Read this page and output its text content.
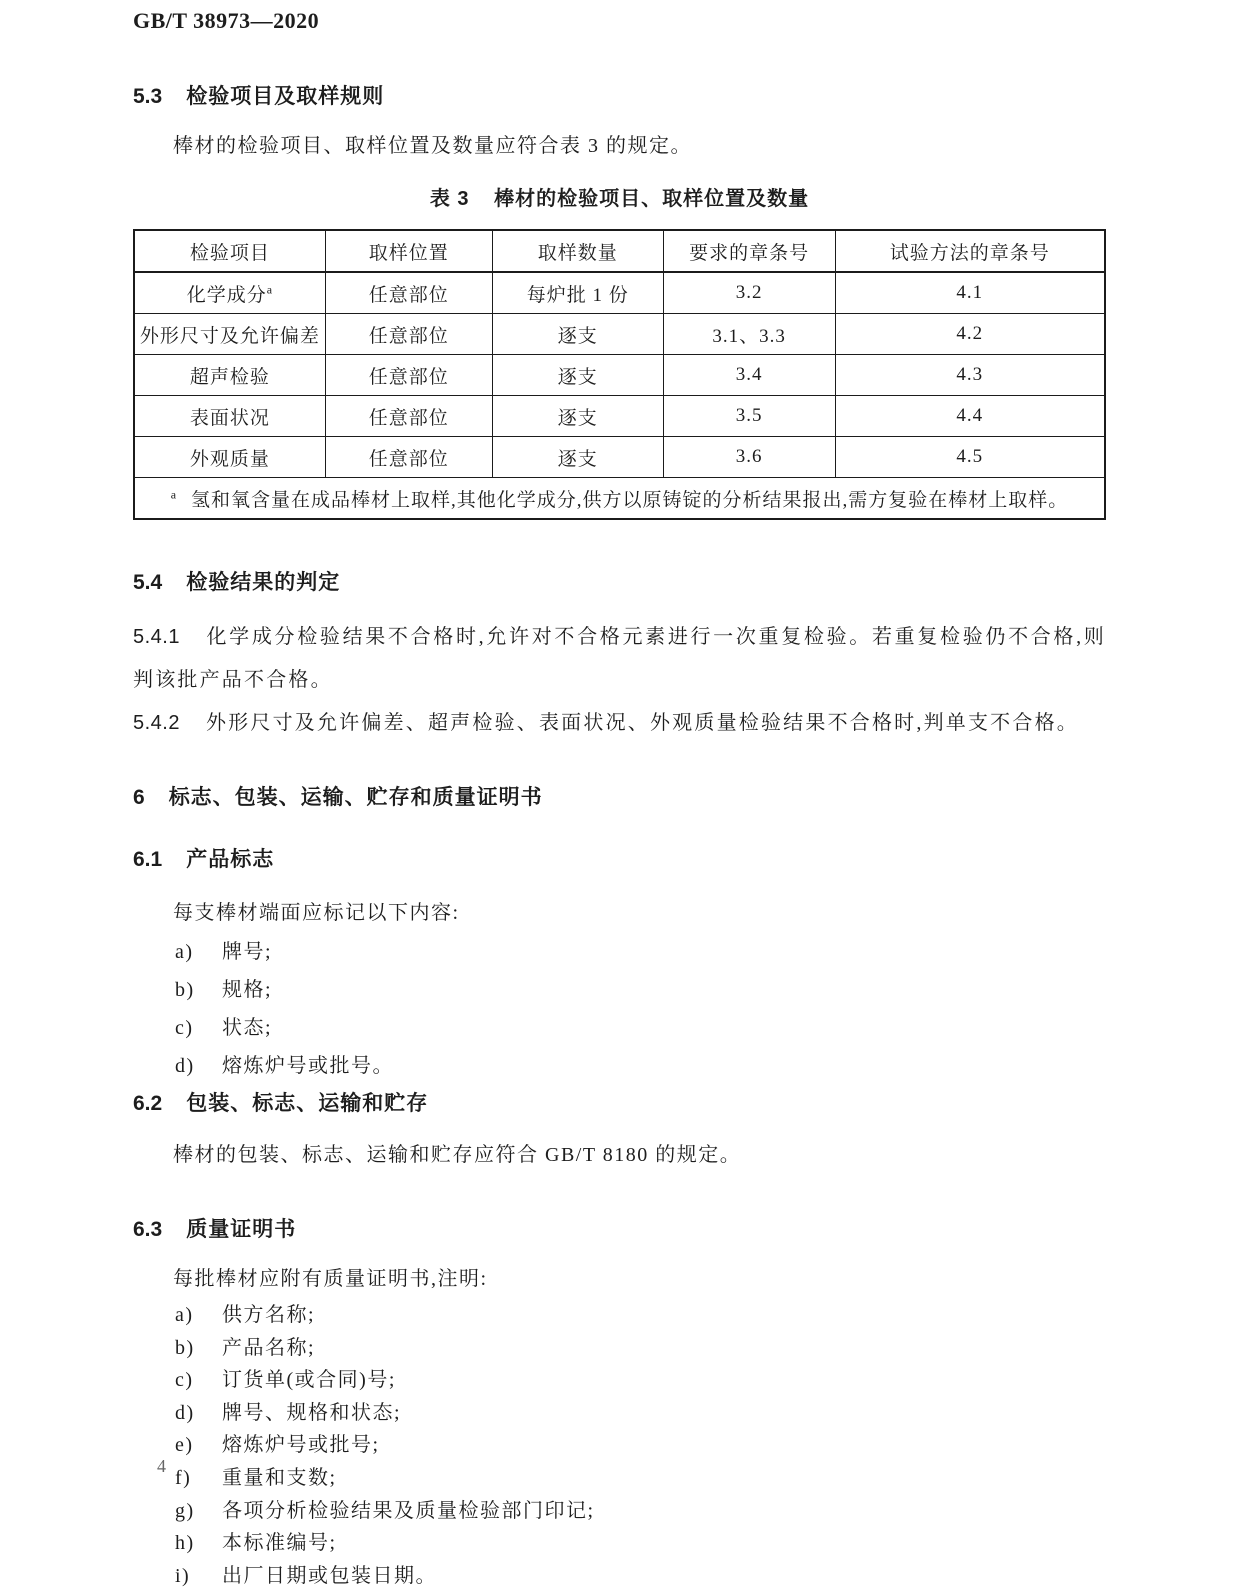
GB/T 38973—2020
5.3 检验项目及取样规则

棒材的检验项目、取样位置及数量应符合表 3 的规定。

表 3 棒材的检验项目、取样位置及数量
检验项目	取样位置	取样数量	要求的章条号	试验方法的章条号
化学成分$^a$	任意部位	每炉批 1 份	3.2	4.1
外形尺寸及允许偏差	任意部位	逐支	3.1、3.3	4.2
超声检验	任意部位	逐支	3.4	4.3
表面状况	任意部位	逐支	3.5	4.4
外观质量	任意部位	逐支	3.6	4.5
$^a$ 氢和氧含量在成品棒材上取样,其他化学成分,供方以原铸锭的分析结果报出,需方复验在棒材上取样。				
5.4 检验结果的判定

5.4.1 化学成分检验结果不合格时,允许对不合格元素进行一次重复检验。若重复检验仍不合格,则判该批产品不合格。

5.4.2 外形尺寸及允许偏差、超声检验、表面状况、外观质量检验结果不合格时,判单支不合格。

6 标志、包装、运输、贮存和质量证明书
6.1 产品标志

每支棒材端面应标记以下内容:

a)	牌号;
b)	规格;
c)	状态;
d)	熔炼炉号或批号。
6.2 包装、标志、运输和贮存

棒材的包装、标志、运输和贮存应符合 GB/T 8180 的规定。

6.3 质量证明书

每批棒材应附有质量证明书,注明:

a)	供方名称;
b)	产品名称;
c)	订货单(或合同)号;
d)	牌号、规格和状态;
e)	熔炼炉号或批号;
f)	重量和支数;
g)	各项分析检验结果及质量检验部门印记;
h)	本标准编号;
i)	出厂日期或包装日期。
4
